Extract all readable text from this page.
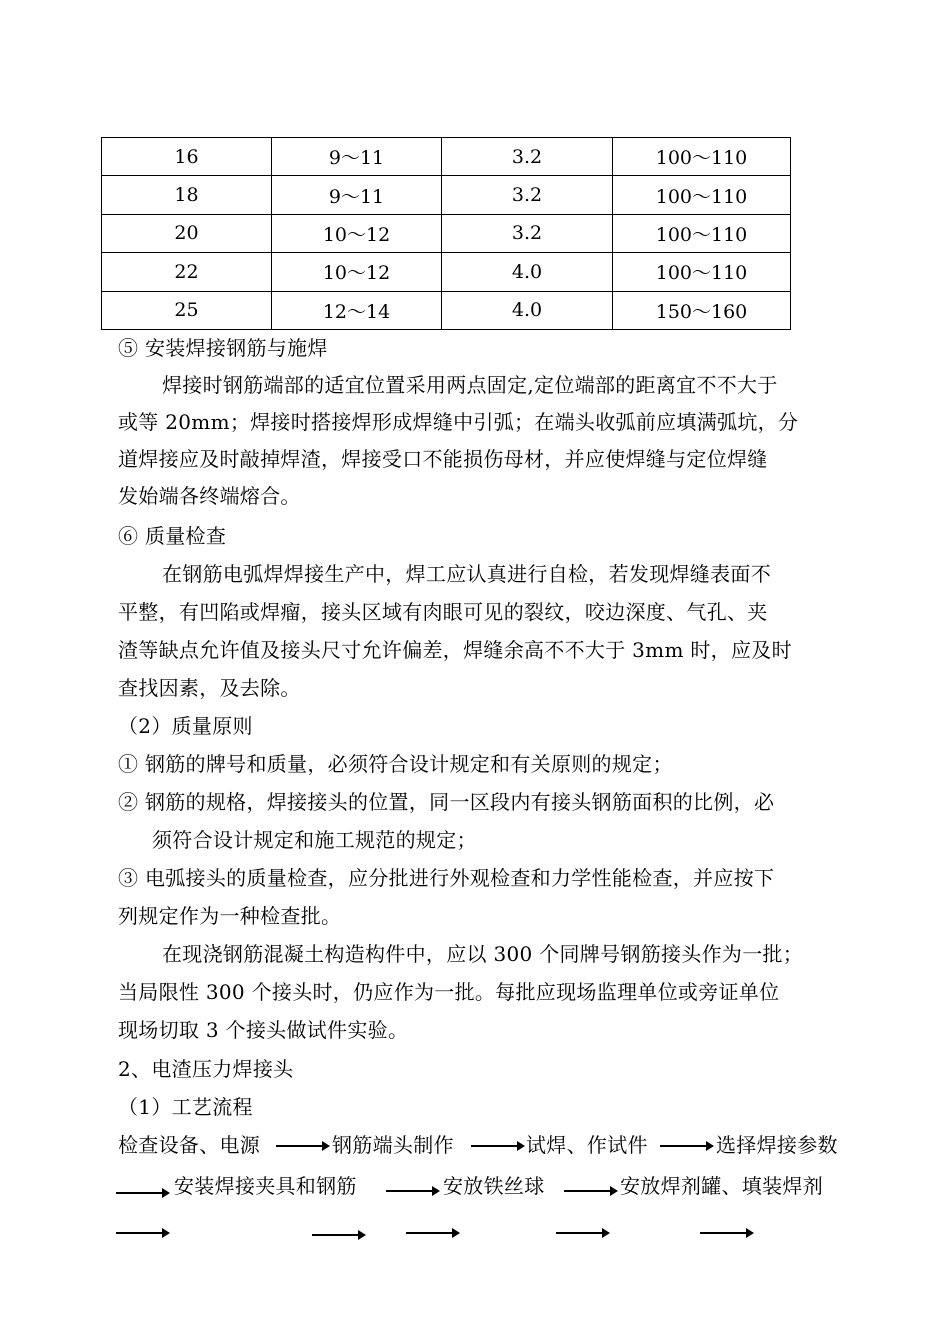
16	9～11	3.2	100～110
18	9～11	3.2	100～110
20	10～12	3.2	100～110
22	10～12	4.0	100～110
25	12～14	4.0	150～160
⑤ 安装焊接钢筋与施焊
焊接时钢筋端部的适宜位置采用两点固定,定位端部的距离宜不不大于
或等 20mm；焊接时搭接焊形成焊缝中引弧；在端头收弧前应填满弧坑，分
道焊接应及时敲掉焊渣，焊接受口不能损伤母材，并应使焊缝与定位焊缝
发始端各终端熔合。
⑥ 质量检查
在钢筋电弧焊焊接生产中，焊工应认真进行自检，若发现焊缝表面不
平整，有凹陷或焊瘤，接头区域有肉眼可见的裂纹，咬边深度、气孔、夹
渣等缺点允许值及接头尺寸允许偏差，焊缝余高不不大于 3mm 时，应及时
查找因素，及去除。
（2）质量原则
① 钢筋的牌号和质量，必须符合设计规定和有关原则的规定；
② 钢筋的规格，焊接接头的位置，同一区段内有接头钢筋面积的比例，必
须符合设计规定和施工规范的规定；
③ 电弧接头的质量检查，应分批进行外观检查和力学性能检查，并应按下
列规定作为一种检查批。
在现浇钢筋混凝土构造构件中，应以 300 个同牌号钢筋接头作为一批；
当局限性 300 个接头时，仍应作为一批。每批应现场监理单位或旁证单位
现场切取 3 个接头做试件实验。
2、电渣压力焊接头
（1）工艺流程
检查设备、电源	钢筋端头制作	试焊、作试件	选择焊接参数
安装焊接夹具和钢筋	安放铁丝球	安放焊剂罐、填装焊剂
